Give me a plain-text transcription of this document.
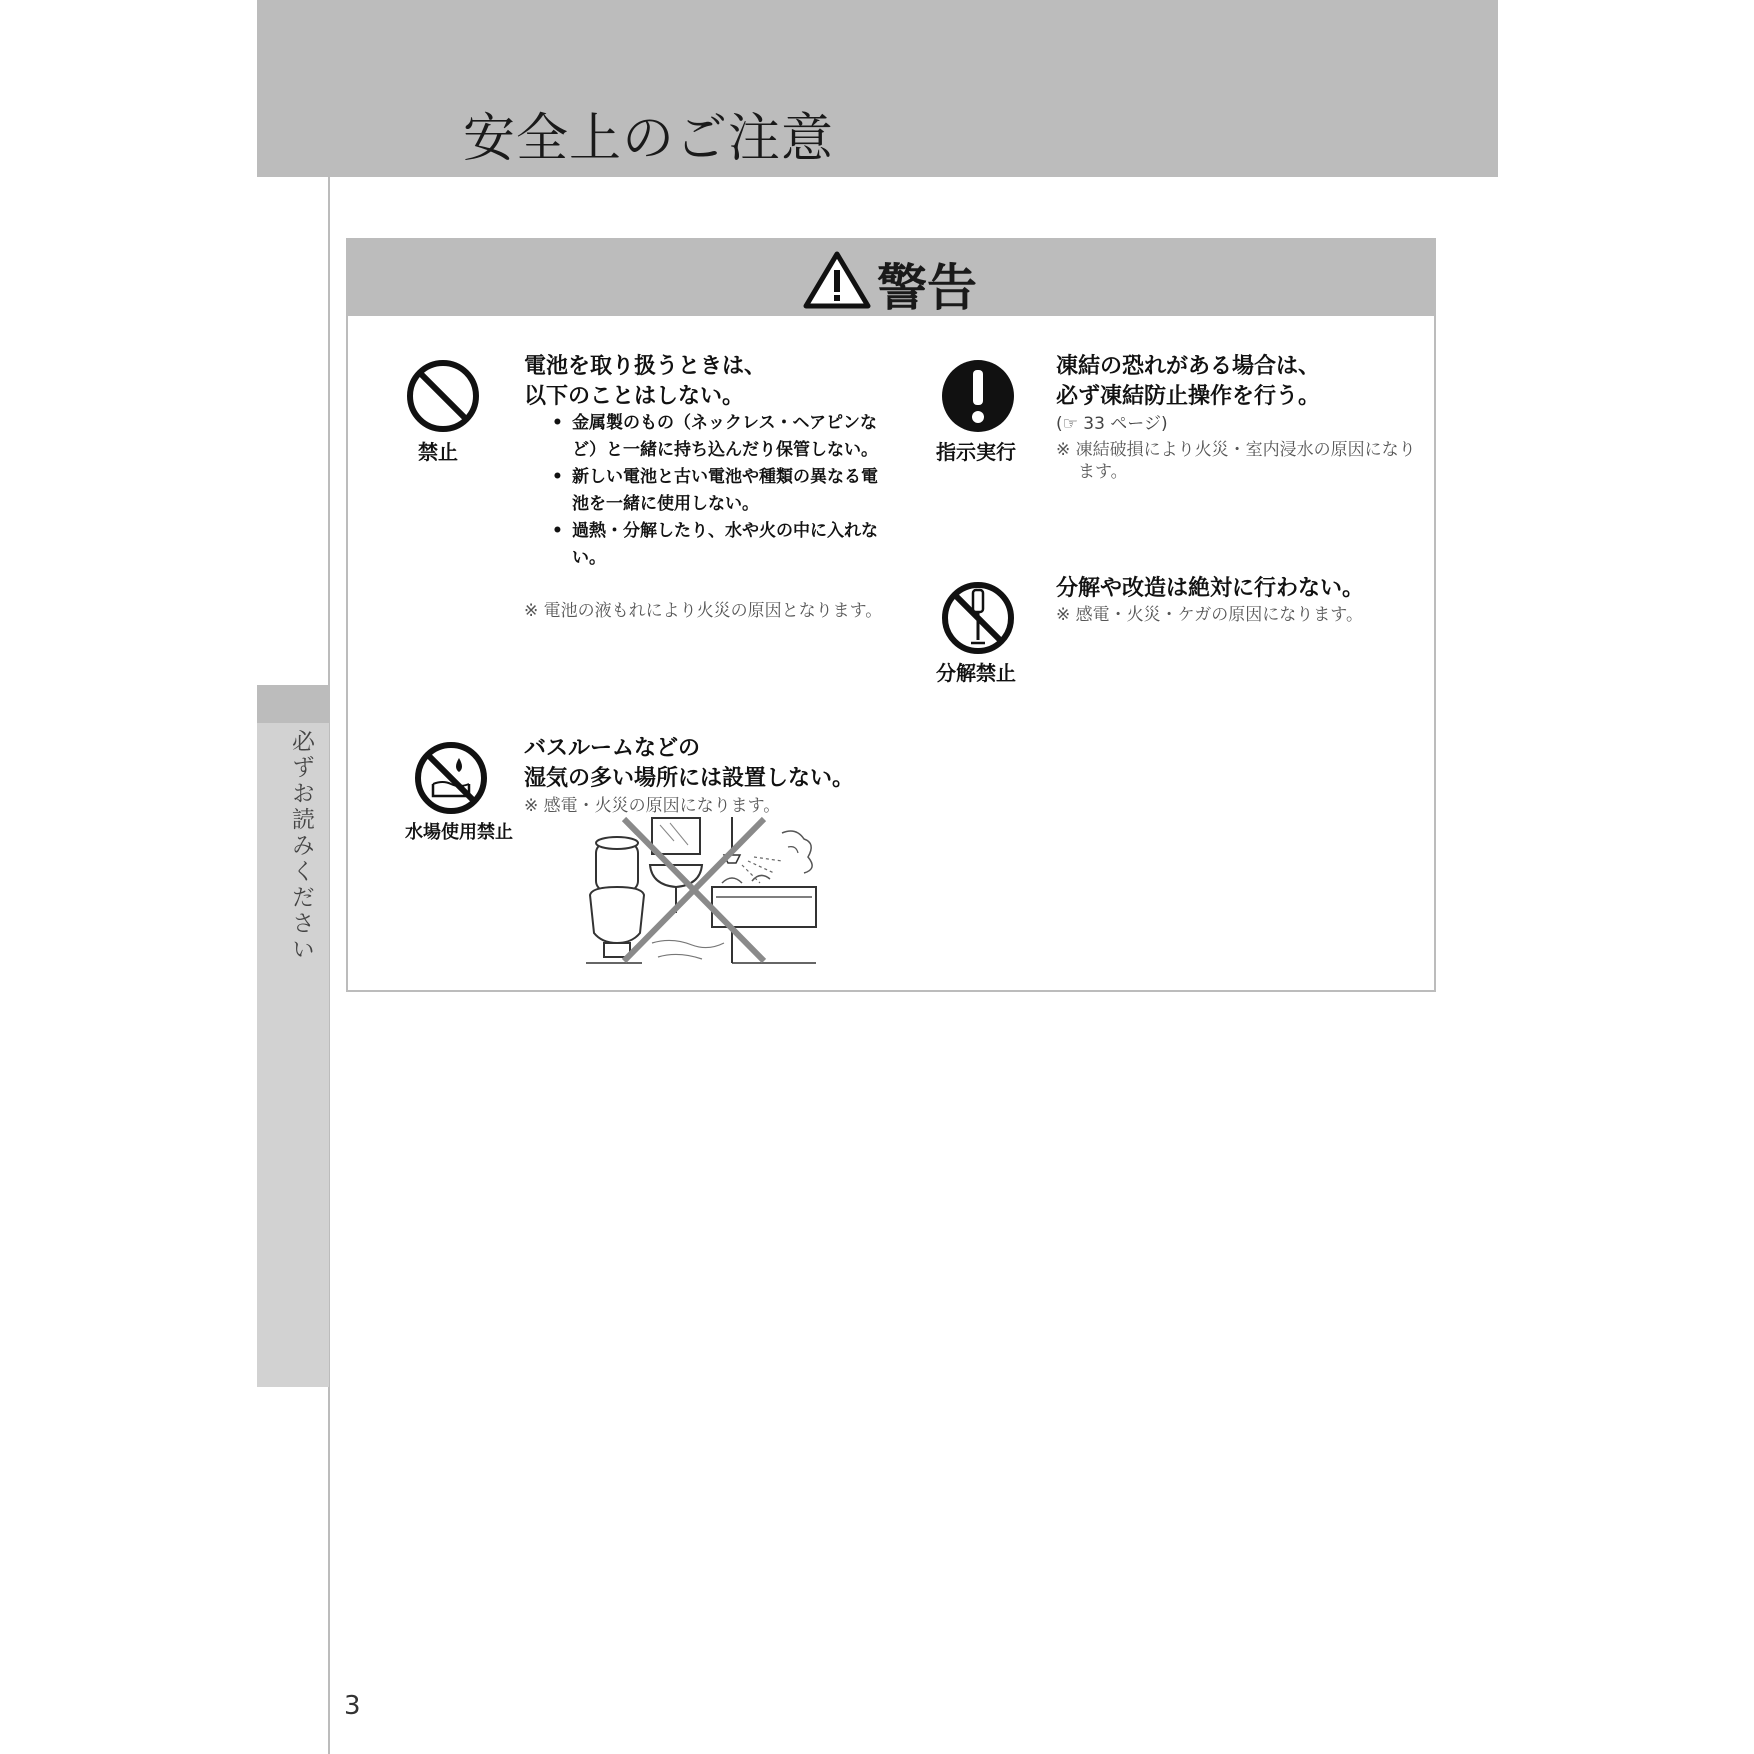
安全上のご注意
必ずお読みください
警告
禁止
電池を取り扱うときは、
以下のことはしない。
• 金属製のもの（ネックレス・ヘアピンなど）と一緒に持ち込んだり保管しない。
• 新しい電池と古い電池や種類の異なる電池を一緒に使用しない。
• 過熱・分解したり、水や火の中に入れない。
※ 電池の液もれにより火災の原因となります。
指示実行
凍結の恐れがある場合は、
必ず凍結防止操作を行う。
(☞ 33 ページ)
※ 凍結破損により火災・室内浸水の原因になります。
分解禁止
分解や改造は絶対に行わない。
※ 感電・火災・ケガの原因になります。
水場使用禁止
バスルームなどの
湿気の多い場所には設置しない。
※ 感電・火災の原因になります。
3
